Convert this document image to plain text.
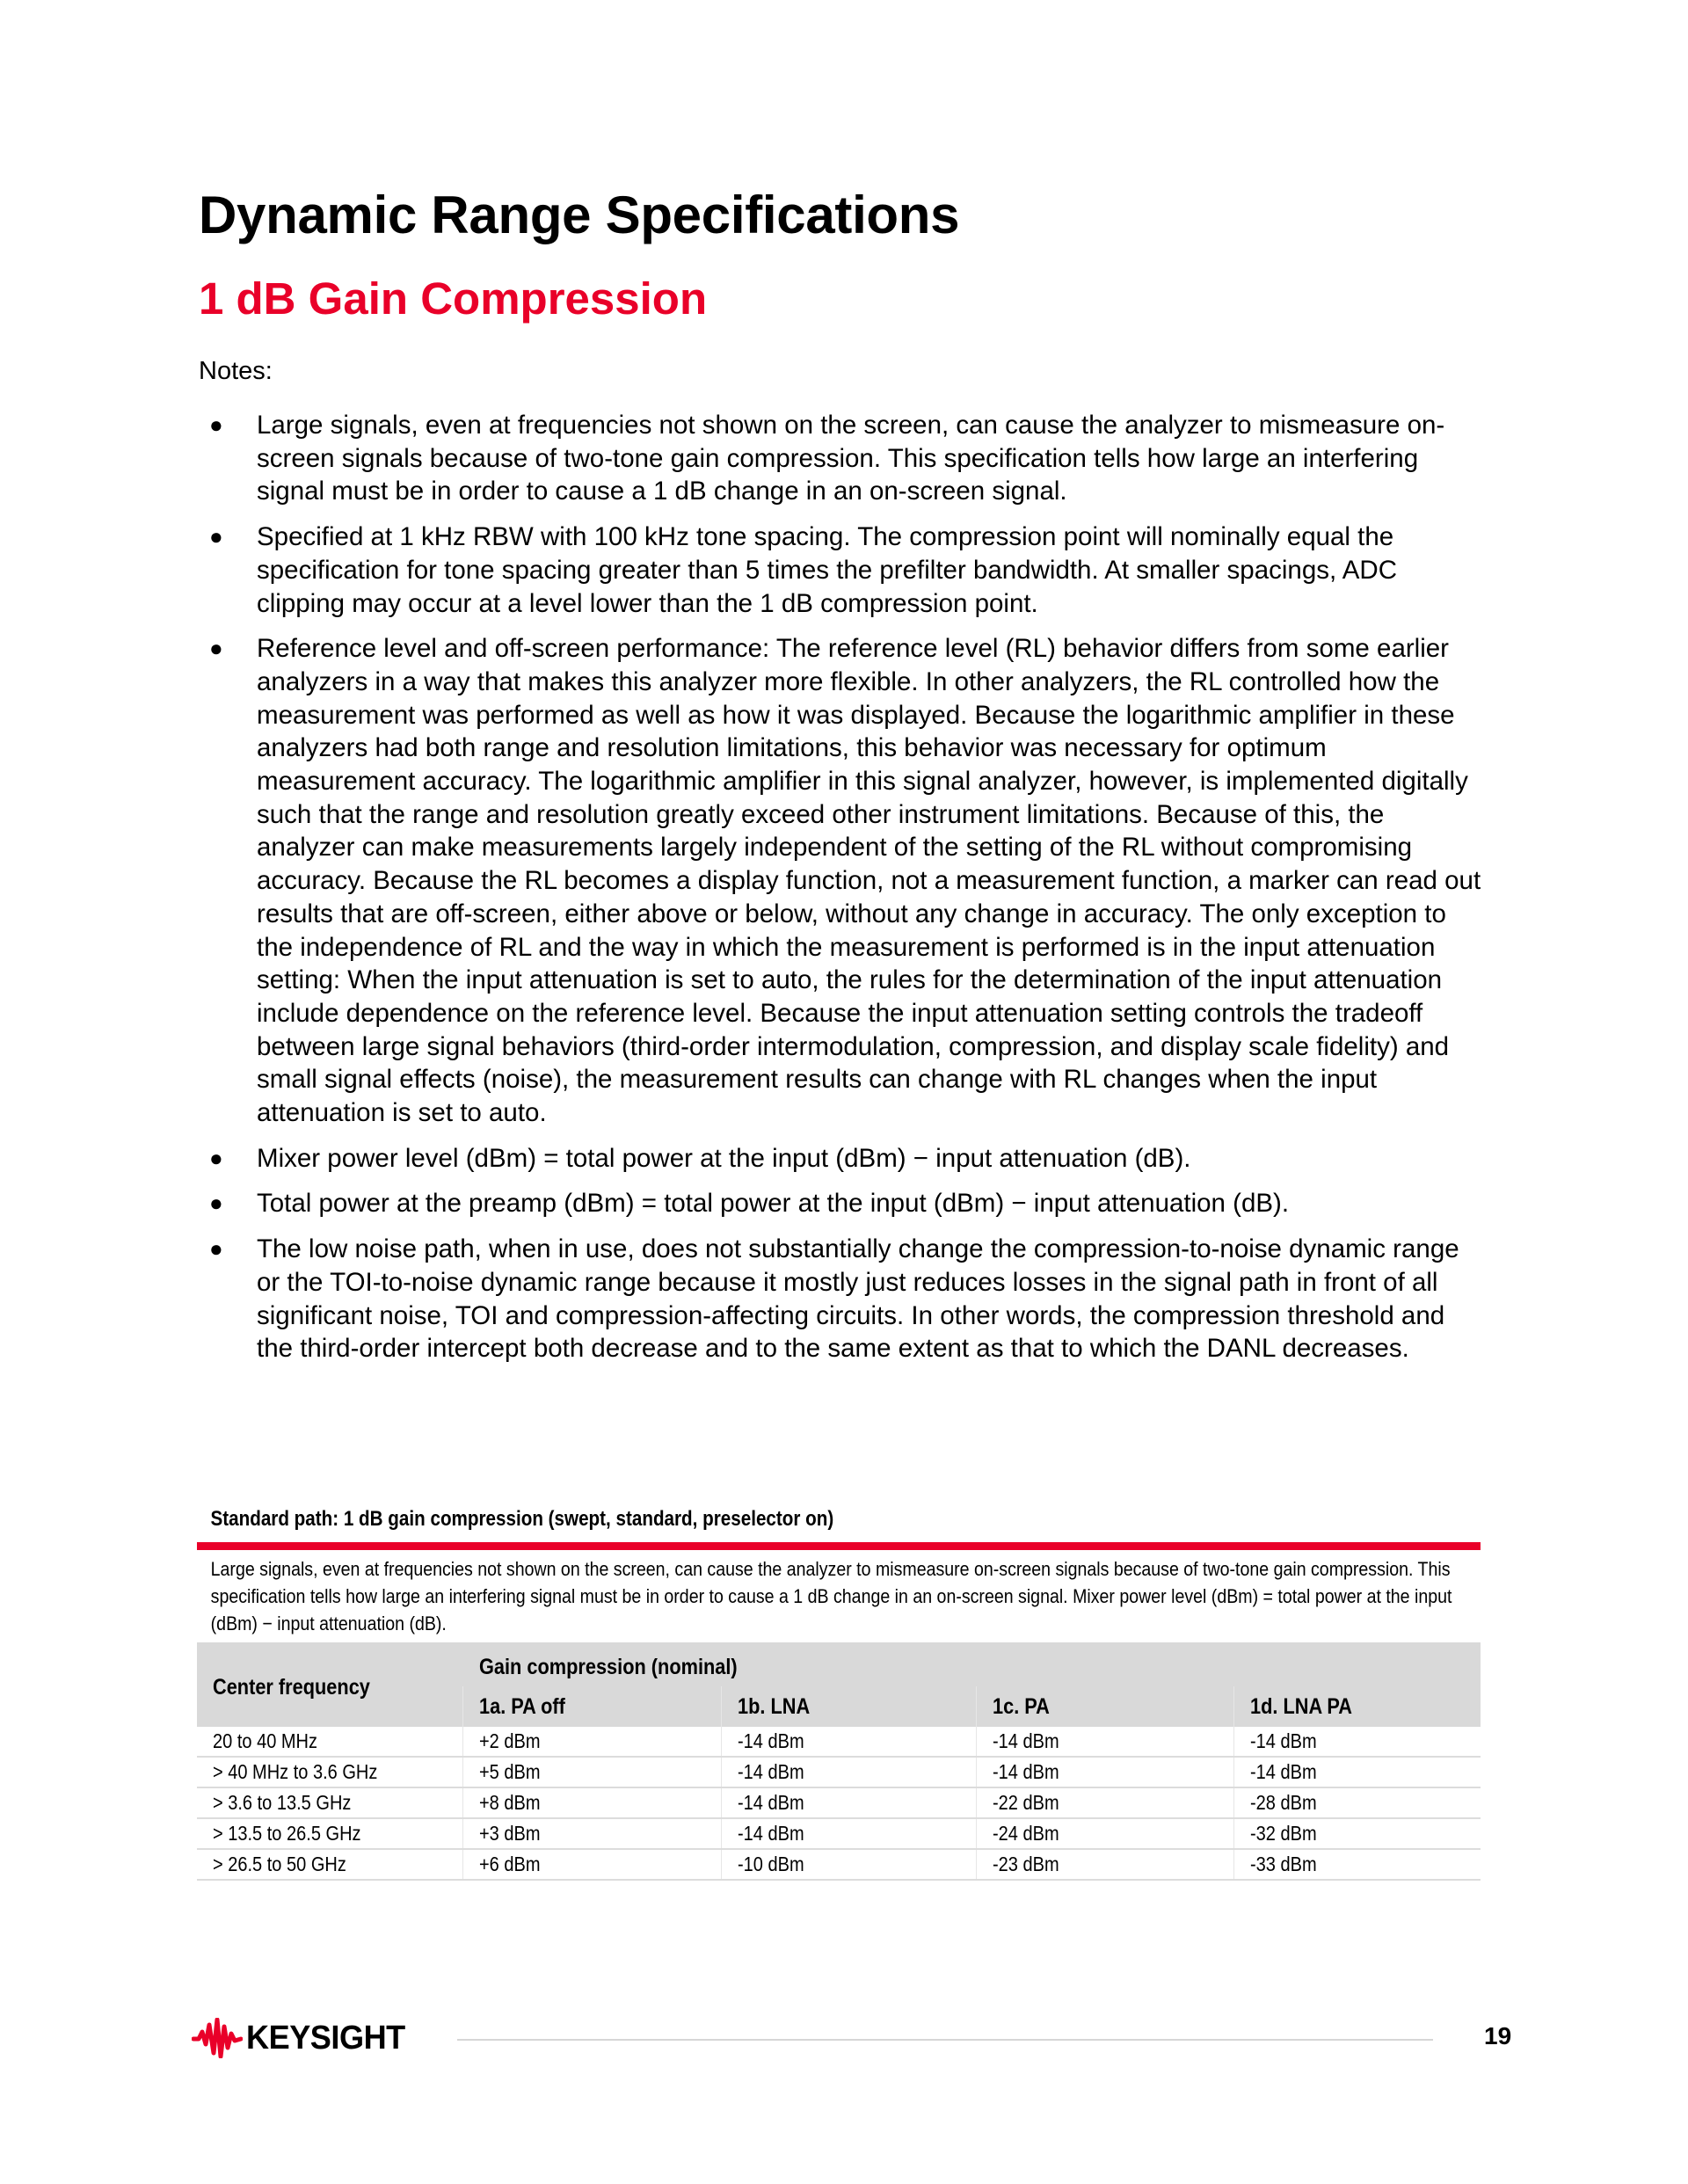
Dynamic Range Specifications
1 dB Gain Compression

Notes:

● Large signals, even at frequencies not shown on the screen, can cause the analyzer to mismeasure on-screen signals because of two-tone gain compression. This specification tells how large an interfering signal must be in order to cause a 1 dB change in an on-screen signal.
● Specified at 1 kHz RBW with 100 kHz tone spacing. The compression point will nominally equal the specification for tone spacing greater than 5 times the prefilter bandwidth. At smaller spacings, ADC clipping may occur at a level lower than the 1 dB compression point.
● Reference level and off-screen performance: The reference level (RL) behavior differs from some earlier analyzers in a way that makes this analyzer more flexible. In other analyzers, the RL controlled how the measurement was performed as well as how it was displayed. Because the logarithmic amplifier in these analyzers had both range and resolution limitations, this behavior was necessary for optimum measurement accuracy. The logarithmic amplifier in this signal analyzer, however, is implemented digitally such that the range and resolution greatly exceed other instrument limitations. Because of this, the analyzer can make measurements largely independent of the setting of the RL without compromising accuracy. Because the RL becomes a display function, not a measurement function, a marker can read out results that are off-screen, either above or below, without any change in accuracy. The only exception to the independence of RL and the way in which the measurement is performed is in the input attenuation setting: When the input attenuation is set to auto, the rules for the determination of the input attenuation include dependence on the reference level. Because the input attenuation setting controls the tradeoff between large signal behaviors (third-order intermodulation, compression, and display scale fidelity) and small signal effects (noise), the measurement results can change with RL changes when the input attenuation is set to auto.
● Mixer power level (dBm) = total power at the input (dBm) − input attenuation (dB).
● Total power at the preamp (dBm) = total power at the input (dBm) − input attenuation (dB).
● The low noise path, when in use, does not substantially change the compression-to-noise dynamic range or the TOI-to-noise dynamic range because it mostly just reduces losses in the signal path in front of all significant noise, TOI and compression-affecting circuits. In other words, the compression threshold and the third-order intercept both decrease and to the same extent as that to which the DANL decreases.
Standard path: 1 dB gain compression (swept, standard, preselector on)
Large signals, even at frequencies not shown on the screen, can cause the analyzer to mismeasure on-screen signals because of two-tone gain compression. This specification tells how large an interfering signal must be in order to cause a 1 dB change in an on-screen signal. Mixer power level (dBm) = total power at the input (dBm) − input attenuation (dB).
Center frequency	Gain compression (nominal)			
	1a. PA off	1b. LNA	1c. PA	1d. LNA PA
20 to 40 MHz	+2 dBm	-14 dBm	-14 dBm	-14 dBm
> 40 MHz to 3.6 GHz	+5 dBm	-14 dBm	-14 dBm	-14 dBm
> 3.6 to 13.5 GHz	+8 dBm	-14 dBm	-22 dBm	-28 dBm
> 13.5 to 26.5 GHz	+3 dBm	-14 dBm	-24 dBm	-32 dBm
> 26.5 to 50 GHz	+6 dBm	-10 dBm	-23 dBm	-33 dBm
KEYSIGHT	19
